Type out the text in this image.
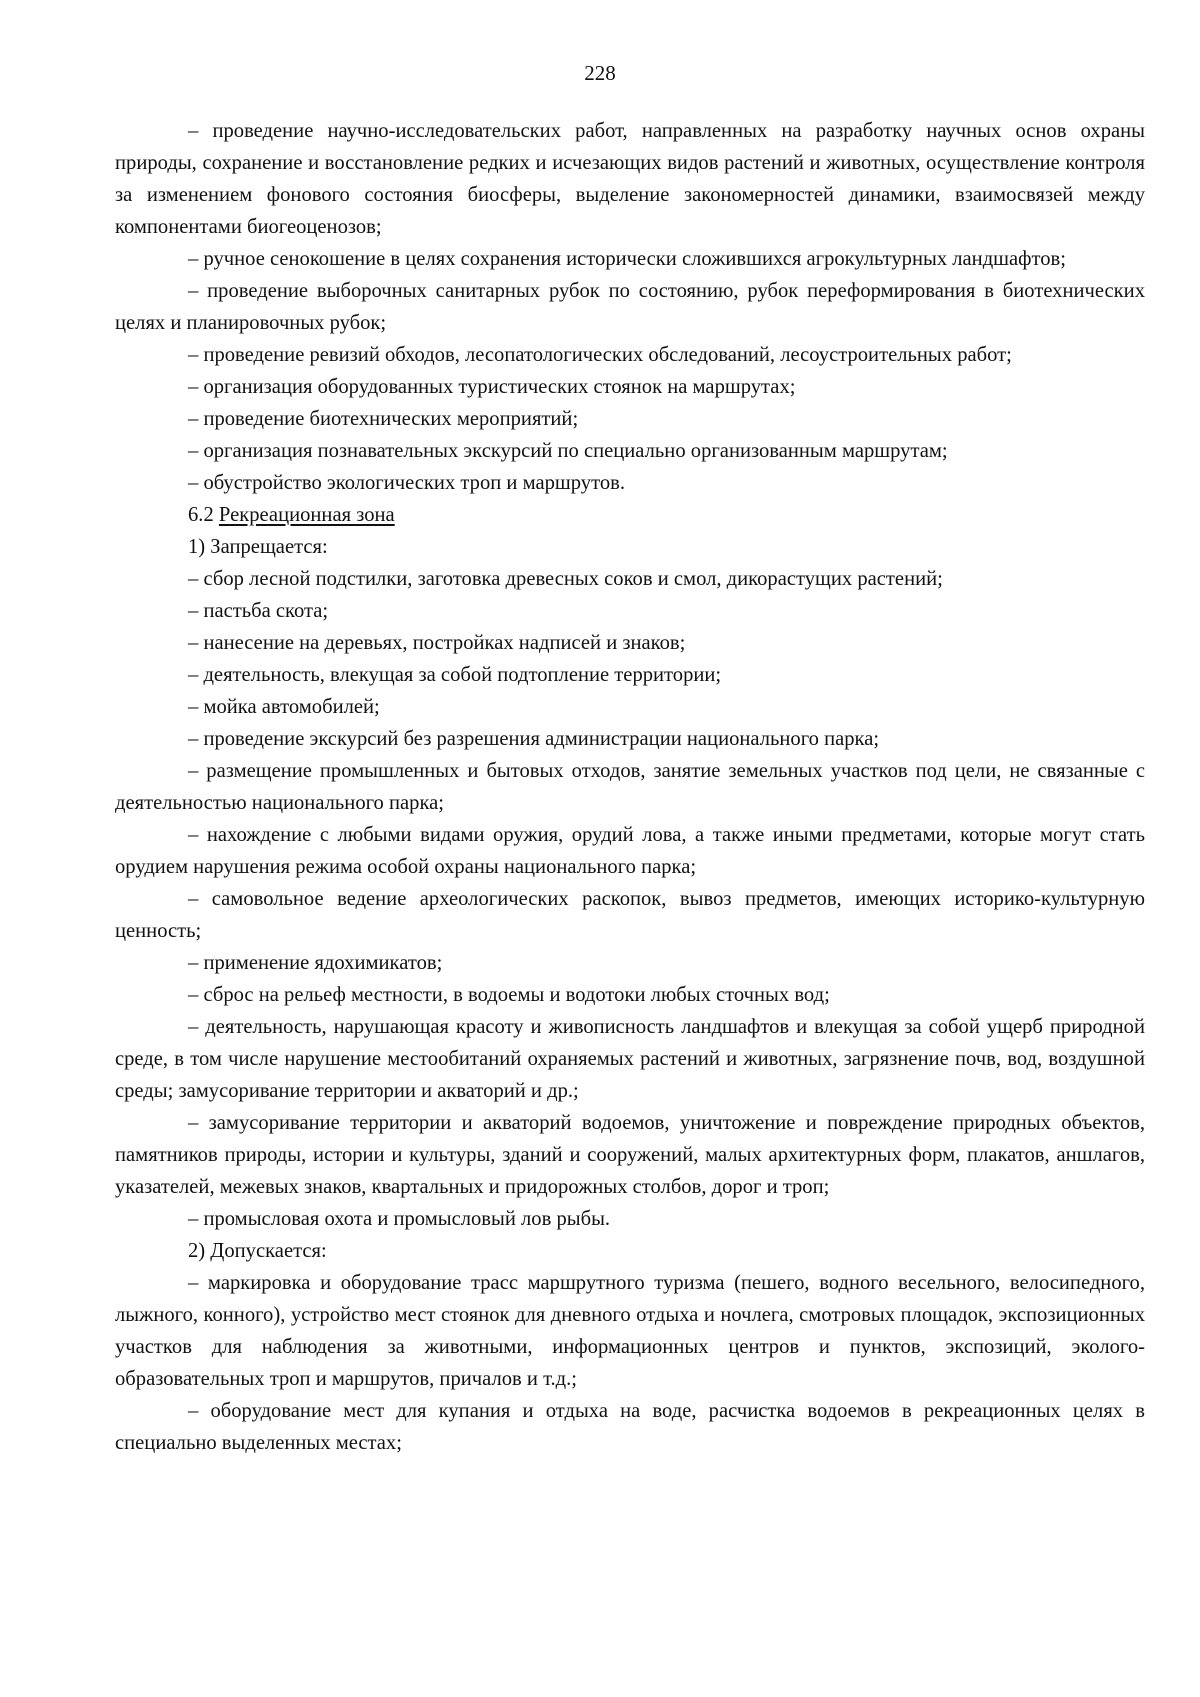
228

– проведение научно-исследовательских работ, направленных на разработку научных основ охраны природы, сохранение и восстановление редких и исчезающих видов растений и животных, осуществление контроля за изменением фонового состояния биосферы, выделение закономерностей динамики, взаимосвязей между компонентами биогеоценозов;

– ручное сенокошение в целях сохранения исторически сложившихся агрокультурных ландшафтов;

– проведение выборочных санитарных рубок по состоянию, рубок переформирования в биотехнических целях и планировочных рубок;

– проведение ревизий обходов, лесопатологических обследований, лесоустроительных работ;

– организация оборудованных туристических стоянок на маршрутах;

– проведение биотехнических мероприятий;

– организация познавательных экскурсий по специально организованным маршрутам;

– обустройство экологических троп и маршрутов.

6.2 Рекреационная зона

1) Запрещается:

– сбор лесной подстилки, заготовка древесных соков и смол, дикорастущих растений;

– пастьба скота;

– нанесение на деревьях, постройках надписей и знаков;

– деятельность, влекущая за собой подтопление территории;

– мойка автомобилей;

– проведение экскурсий без разрешения администрации национального парка;

– размещение промышленных и бытовых отходов, занятие земельных участков под цели, не связанные с деятельностью национального парка;

– нахождение с любыми видами оружия, орудий лова, а также иными предметами, которые могут стать орудием нарушения режима особой охраны национального парка;

– самовольное ведение археологических раскопок, вывоз предметов, имеющих историко-культурную ценность;

– применение ядохимикатов;

– сброс на рельеф местности, в водоемы и водотоки любых сточных вод;

– деятельность, нарушающая красоту и живописность ландшафтов и влекущая за собой ущерб природной среде, в том числе нарушение местообитаний охраняемых растений и животных, загрязнение почв, вод, воздушной среды; замусоривание территории и акваторий и др.;

– замусоривание территории и акваторий водоемов, уничтожение и повреждение природных объектов, памятников природы, истории и культуры, зданий и сооружений, малых архитектурных форм, плакатов, аншлагов, указателей, межевых знаков, квартальных и придорожных столбов, дорог и троп;

– промысловая охота и промысловый лов рыбы.

2) Допускается:

– маркировка и оборудование трасс маршрутного туризма (пешего, водного весельного, велосипедного, лыжного, конного), устройство мест стоянок для дневного отдыха и ночлега, смотровых площадок, экспозиционных участков для наблюдения за животными, информационных центров и пунктов, экспозиций, эколого-образовательных троп и маршрутов, причалов и т.д.;

– оборудование мест для купания и отдыха на воде, расчистка водоемов в рекреационных целях в специально выделенных местах;
